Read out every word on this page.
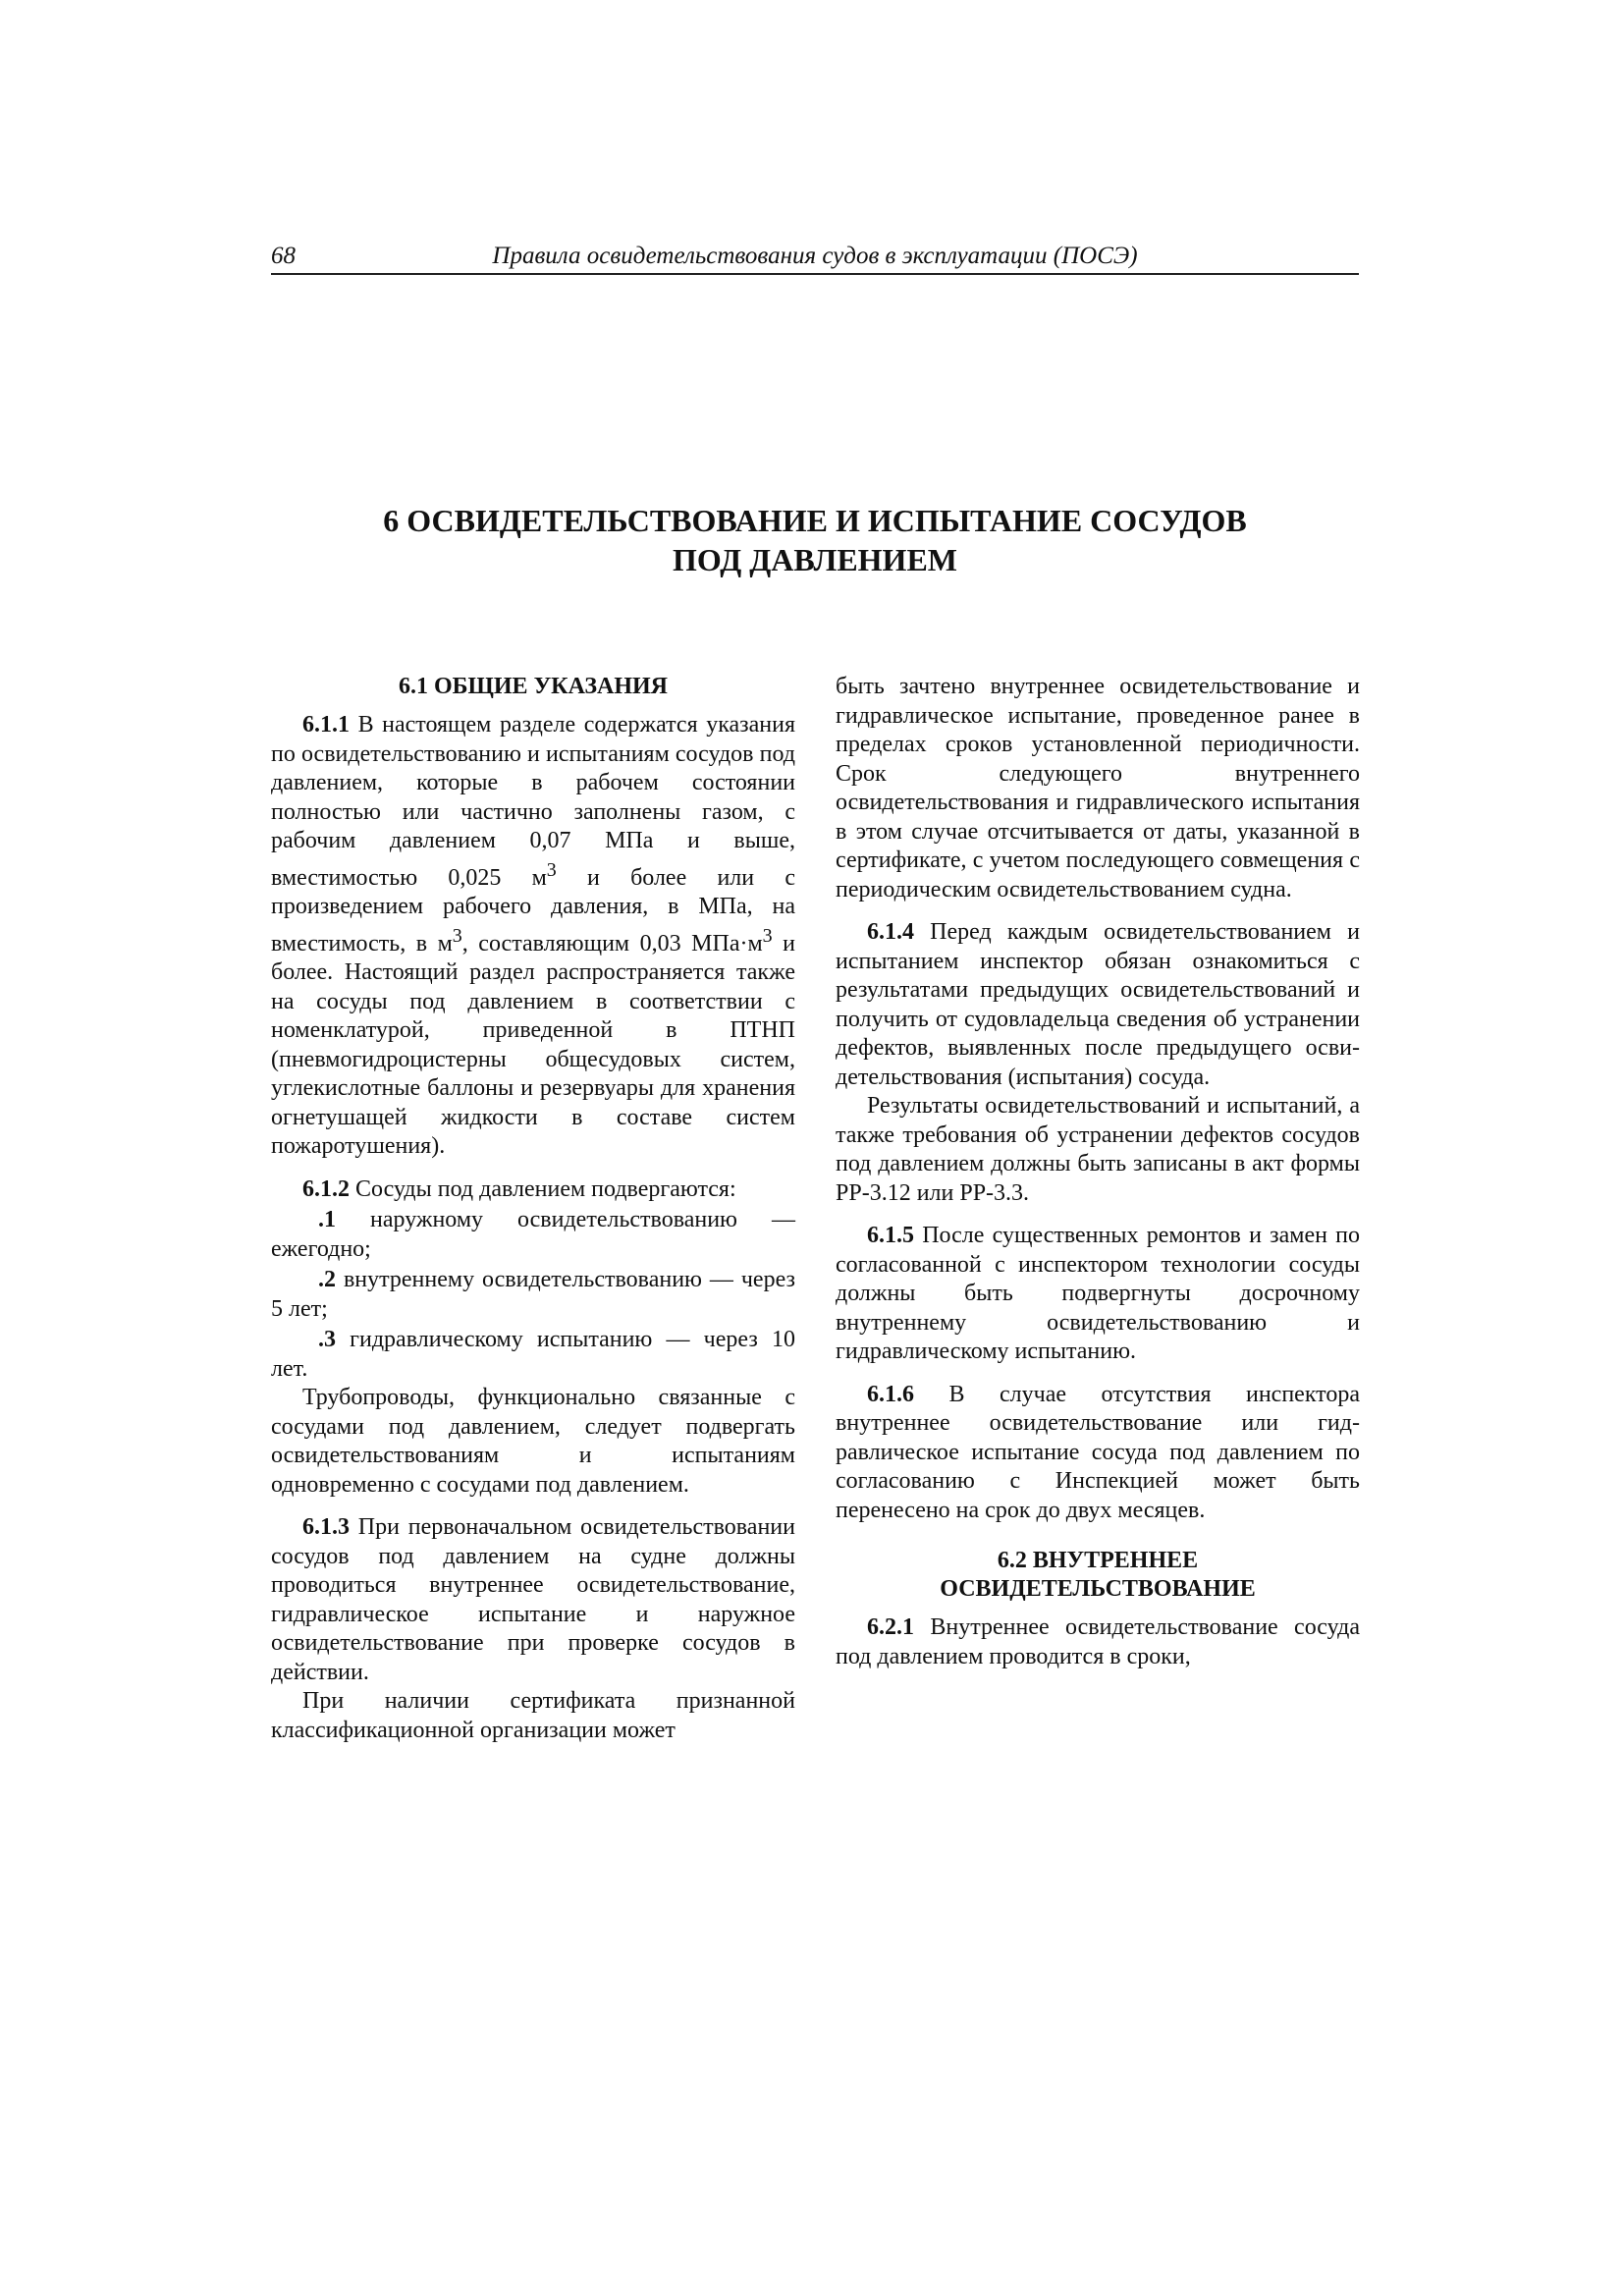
68	Правила освидетельствования судов в эксплуатации (ПОСЭ)
6 ОСВИДЕТЕЛЬСТВОВАНИЕ И ИСПЫТАНИЕ СОСУДОВ
ПОД ДАВЛЕНИЕМ
6.1 ОБЩИЕ УКАЗАНИЯ

6.1.1 В настоящем разделе содержатся указания по освидетельствованию и испытаниям сосудов под давлением, которые в рабочем состоянии полностью или частично заполнены газом, с рабочим давлением 0,07 МПа и выше, вместимостью 0,025 $м^3$ и более или с произведением рабочего давления, в МПа, на вместимость, в $м^3$, составляющим 0,03 $МПа\cdot м^3$ и более. Настоящий раздел распространяется также на сосуды под давлением в соответствии с номенклатурой, приведенной в ПТНП (пневмогидроцистерны общесудовых систем, углекислотные баллоны и резервуары для хранения огнетушащей жидкости в составе систем пожаротушения).

6.1.2 Сосуды под давлением подвергаются:

.1 наружному освидетельствованию — ежегодно;

.2 внутреннему освидетельствованию — через 5 лет;

.3 гидравлическому испытанию — через 10 лет.

Трубопроводы, функционально связанные с сосудами под давлением, следует подвергать освидетельствованиям и испытаниям одновременно с сосудами под давлением.

6.1.3 При первоначальном освидетельствовании сосудов под давлением на судне должны проводиться внутреннее освидетельствование, гидравлическое испытание и наружное освидетельствование при проверке сосудов в действии.

При наличии сертификата признанной классификационной организации может

быть зачтено внутреннее освидетельствование и гидравлическое испытание, проведенное ранее в пределах сроков установленной периодичности. Срок следующего внутреннего освидетельствования и гидравлического испытания в этом случае отсчитывается от даты, указанной в сертификате, с учетом последующего совмещения с периодическим освидетельствованием судна.

6.1.4 Перед каждым освидетельствованием и испытанием инспектор обязан ознакомиться с результатами предыдущих освидетельствований и получить от судовладельца сведения об устранении дефектов, выявленных после предыдущего освидетельствования (испытания) сосуда.

Результаты освидетельствований и испытаний, а также требования об устранении дефектов сосудов под давлением должны быть записаны в акт формы РР-3.12 или РР-3.3.

6.1.5 После существенных ремонтов и замен по согласованной с инспектором технологии сосуды должны быть подвергнуты досрочному внутреннему освидетельствованию и гидравлическому испытанию.

6.1.6 В случае отсутствия инспектора внутреннее освидетельствование или гидравлическое испытание сосуда под давлением по согласованию с Инспекцией может быть перенесено на срок до двух месяцев.

6.2 ВНУТРЕННЕЕ
ОСВИДЕТЕЛЬСТВОВАНИЕ

6.2.1 Внутреннее освидетельствование сосуда под давлением проводится в сроки,
